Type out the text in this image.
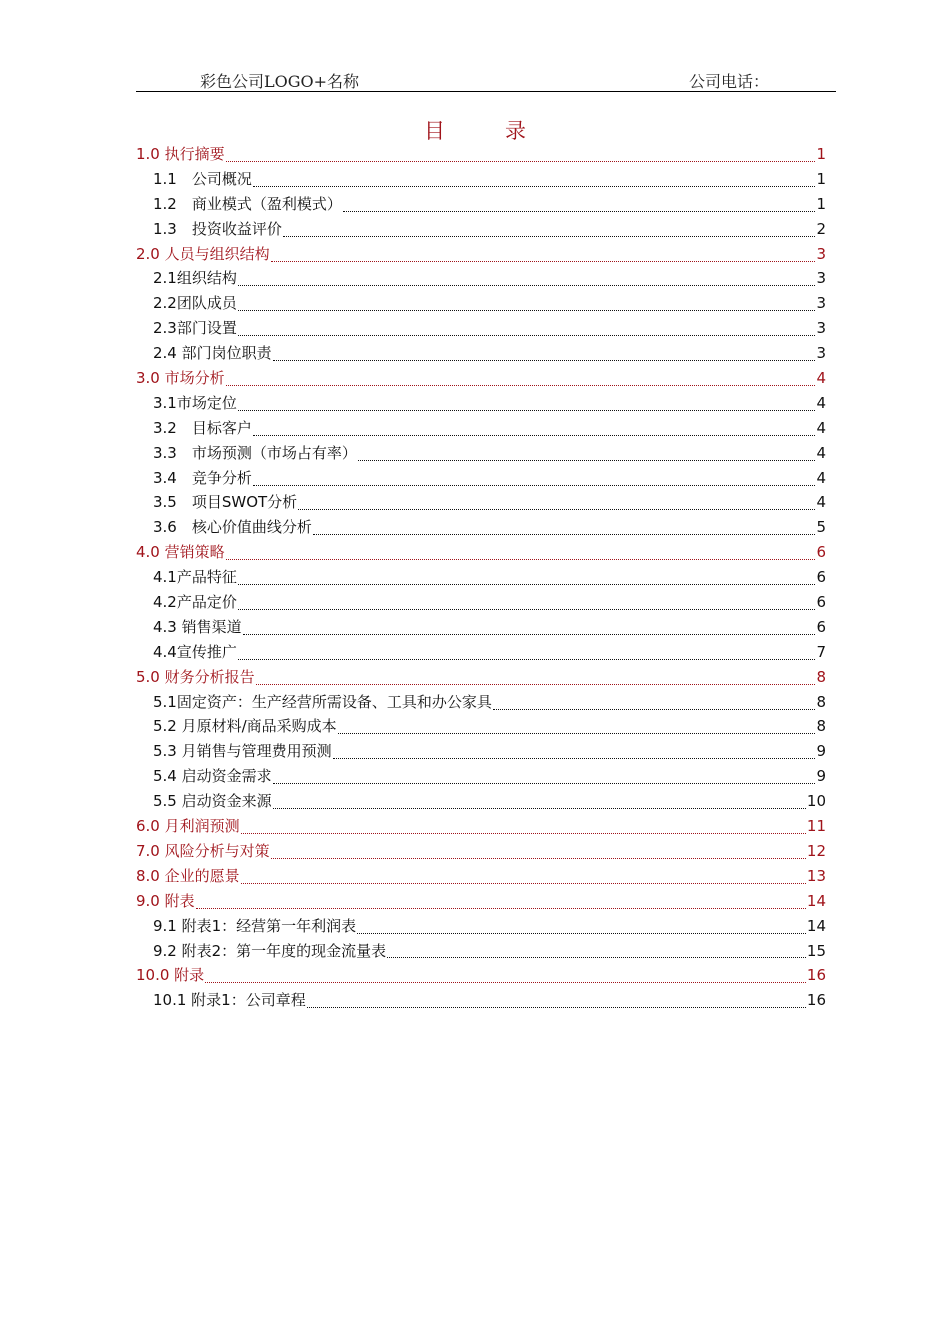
彩色公司LOGO+名称	公司电话：
目录
1.0 执行摘要	1
1.1　公司概况	1
1.2　商业模式（盈利模式）	1
1.3　投资收益评价	2
2.0 人员与组织结构	3
2.1组织结构	3
2.2团队成员	3
2.3部门设置	3
2.4 部门岗位职责	3
3.0 市场分析	4
3.1市场定位	4
3.2　目标客户	4
3.3　市场预测（市场占有率）	4
3.4　竞争分析	4
3.5　项目SWOT分析	4
3.6　核心价值曲线分析	5
4.0 营销策略	6
4.1产品特征	6
4.2产品定价	6
4.3 销售渠道	6
4.4宣传推广	7
5.0 财务分析报告	8
5.1固定资产：生产经营所需设备、工具和办公家具	8
5.2 月原材料/商品采购成本	8
5.3 月销售与管理费用预测	9
5.4 启动资金需求	9
5.5 启动资金来源	10
6.0 月利润预测	11
7.0 风险分析与对策	12
8.0 企业的愿景	13
9.0 附表	14
9.1 附表1：经营第一年利润表	14
9.2 附表2：第一年度的现金流量表	15
10.0 附录	16
10.1 附录1：公司章程	16
